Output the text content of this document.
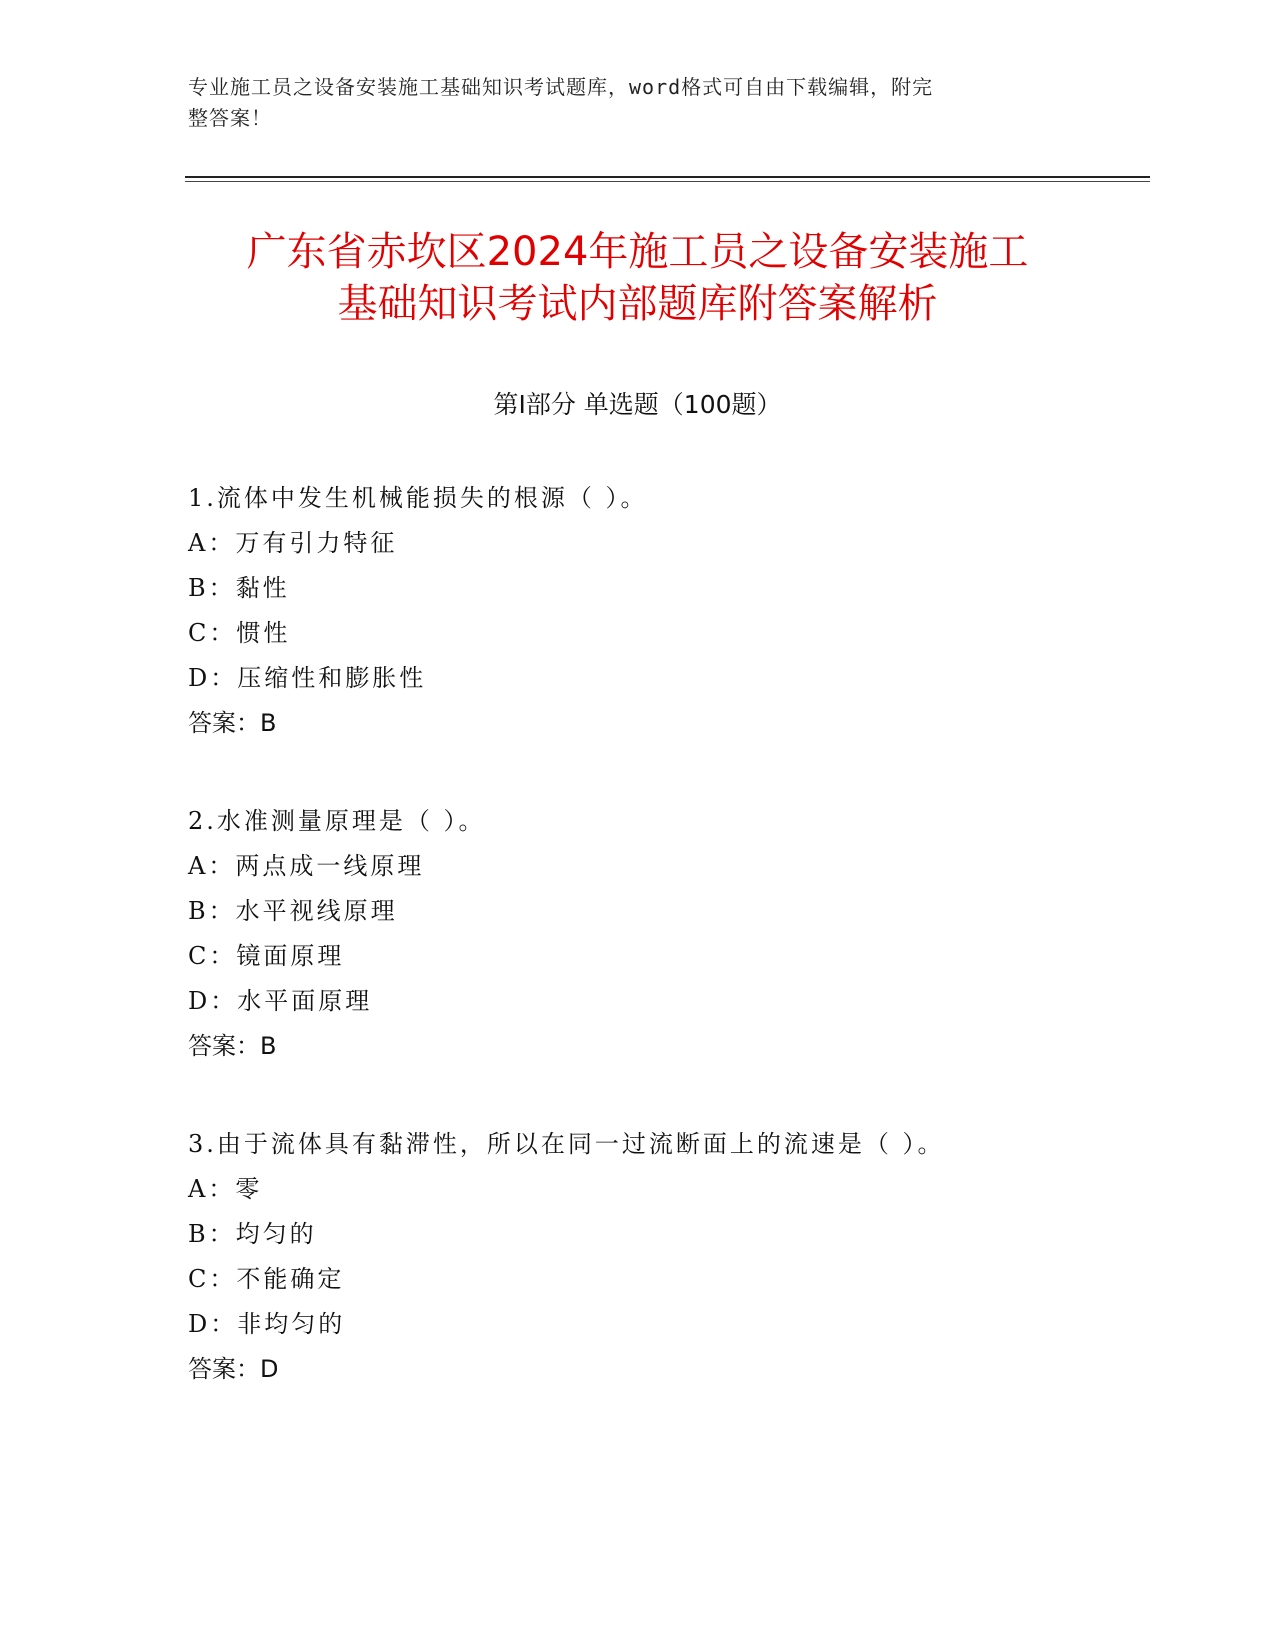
专业施工员之设备安装施工基础知识考试题库，word格式可自由下载编辑，附完
整答案！
广东省赤坎区2024年施工员之设备安装施工
基础知识考试内部题库附答案解析
第Ⅰ部分 单选题（100题）
1.流体中发生机械能损失的根源（ ）。
A：万有引力特征
B：黏性
C：惯性
D：压缩性和膨胀性
答案：B
2.水准测量原理是（ ）。
A：两点成一线原理
B：水平视线原理
C：镜面原理
D：水平面原理
答案：B
3.由于流体具有黏滞性，所以在同一过流断面上的流速是（ ）。
A：零
B：均匀的
C：不能确定
D：非均匀的
答案：D
